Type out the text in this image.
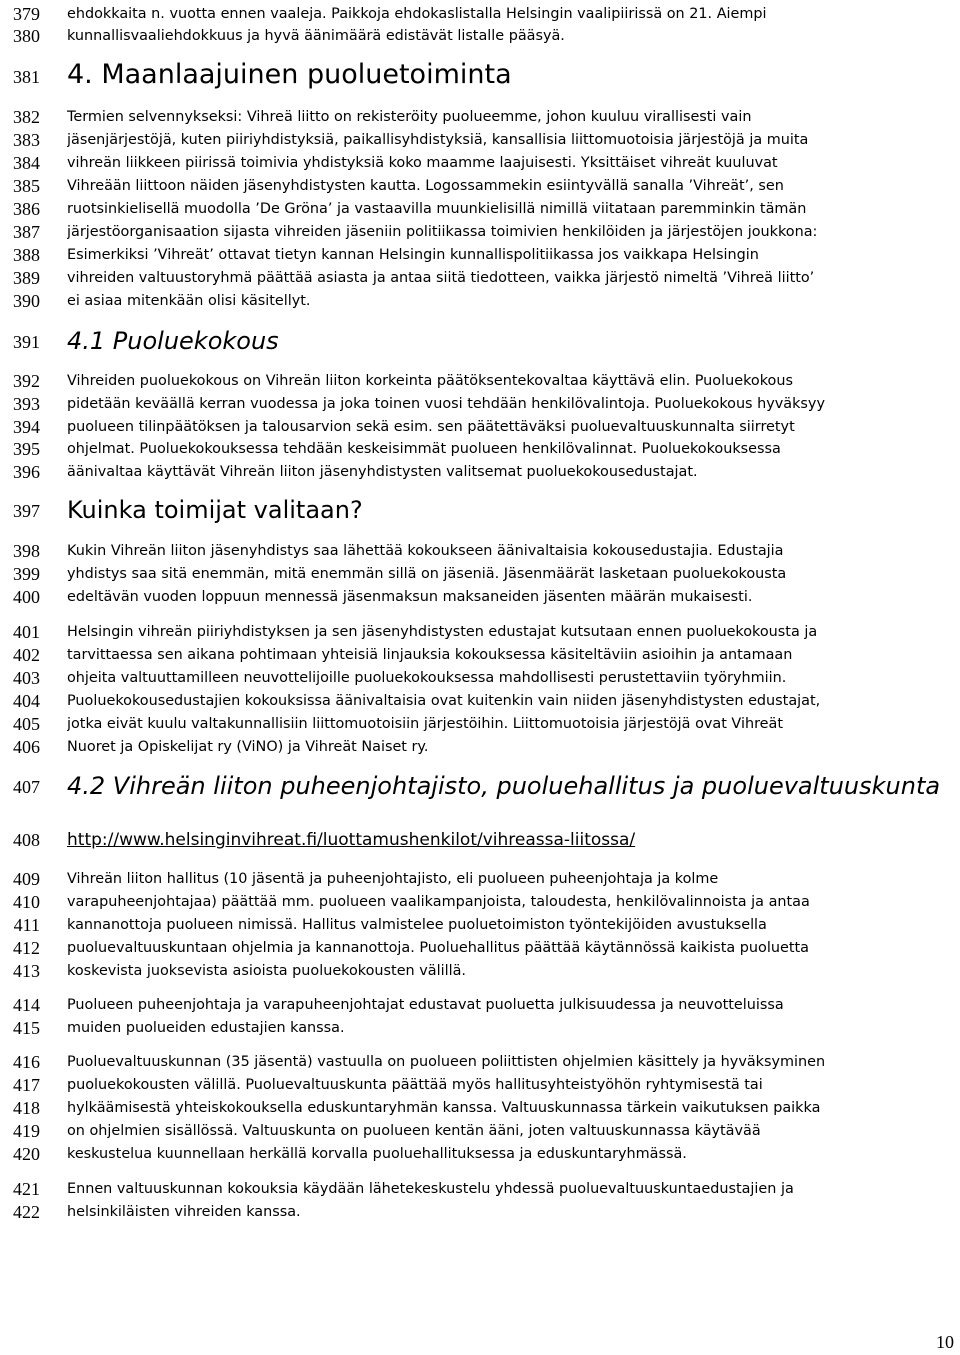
379 ehdokkaita n. vuotta ennen vaaleja. Paikkoja ehdokaslistalla Helsingin vaalipiirissä on 21. Aiempi
380 kunnallisvaaliehdokkuus ja hyvä äänimäärä edistävät listalle pääsyä.
381 4. Maanlaajuinen puoluetoiminta
382 Termien selvennykseksi: Vihreä liitto on rekisteröity puolueemme, johon kuuluu virallisesti vain
383 jäsenjärjestöjä, kuten piiriyhdistyksiä, paikallisyhdistyksiä, kansallisia liittomuotoisia järjestöjä ja muita
384 vihreän liikkeen piirissä toimivia yhdistyksiä koko maamme laajuisesti. Yksittäiset vihreät kuuluvat
385 Vihreään liittoon näiden jäsenyhdistysten kautta. Logossammekin esiintyvällä sanalla ’Vihreät’, sen
386 ruotsinkielisellä muodolla ’De Gröna’ ja vastaavilla muunkielisillä nimillä viitataan paremminkin tämän
387 järjestöorganisaation sijasta vihreiden jäseniin politiikassa toimivien henkilöiden ja järjestöjen joukkona:
388 Esimerkiksi ’Vihreät’ ottavat tietyn kannan Helsingin kunnallispolitiikassa jos vaikkapa Helsingin
389 vihreiden valtuustoryhmä päättää asiasta ja antaa siitä tiedotteen, vaikka järjestö nimeltä ’Vihreä liitto’
390 ei asiaa mitenkään olisi käsitellyt.
391 4.1 Puoluekokous
392 Vihreiden puoluekokous on Vihreän liiton korkeinta päätöksentekovaltaa käyttävä elin. Puoluekokous
393 pidetään keväällä kerran vuodessa ja joka toinen vuosi tehdään henkilövalintoja. Puoluekokous hyväksyy
394 puolueen tilinpäätöksen ja talousarvion sekä esim. sen päätettäväksi puoluevaltuuskunnalta siirretyt
395 ohjelmat. Puoluekokouksessa tehdään keskeisimmät puolueen henkilövalinnat. Puoluekokouksessa
396 äänivaltaa käyttävät Vihreän liiton jäsenyhdistysten valitsemat puoluekokousedustajat.
397 Kuinka toimijat valitaan?
398 Kukin Vihreän liiton jäsenyhdistys saa lähettää kokoukseen äänivaltaisia kokousedustajia. Edustajia
399 yhdistys saa sitä enemmän, mitä enemmän sillä on jäseniä. Jäsenmäärät lasketaan puoluekokousta
400 edeltävän vuoden loppuun mennessä jäsenmaksun maksaneiden jäsenten määrän mukaisesti.
401 Helsingin vihreän piiriyhdistyksen ja sen jäsenyhdistysten edustajat kutsutaan ennen puoluekokousta ja
402 tarvittaessa sen aikana pohtimaan yhteisiä linjauksia kokouksessa käsiteltäviin asioihin ja antamaan
403 ohjeita valtuuttamilleen neuvottelijoille puoluekokouksessa mahdollisesti perustettaviin työryhmiin.
404 Puoluekokousedustajien kokouksissa äänivaltaisia ovat kuitenkin vain niiden jäsenyhdistysten edustajat,
405 jotka eivät kuulu valtakunnallisiin liittomuotoisiin järjestöihin. Liittomuotoisia järjestöjä ovat Vihreät
406 Nuoret ja Opiskelijat ry (ViNO) ja Vihreät Naiset ry.
407 4.2 Vihreän liiton puheenjohtajisto, puoluehallitus ja puoluevaltuuskunta
408 http://www.helsinginvihreat.fi/luottamushenkilot/vihreassa-liitossa/
409 Vihreän liiton hallitus (10 jäsentä ja puheenjohtajisto, eli puolueen puheenjohtaja ja kolme
410 varapuheenjohtajaa) päättää mm. puolueen vaalikampanjoista, taloudesta, henkilövalinnoista ja antaa
411 kannanottoja puolueen nimissä. Hallitus valmistelee puoluetoimiston työntekijöiden avustuksella
412 puoluevaltuuskuntaan ohjelmia ja kannanottoja. Puoluehallitus päättää käytännössä kaikista puoluetta
413 koskevista juoksevista asioista puoluekokousten välillä.
414 Puolueen puheenjohtaja ja varapuheenjohtajat edustavat puoluetta julkisuudessa ja neuvotteluissa
415 muiden puolueiden edustajien kanssa.
416 Puoluevaltuuskunnan (35 jäsentä) vastuulla on puolueen poliittisten ohjelmien käsittely ja hyväksyminen
417 puoluekokousten välillä. Puoluevaltuuskunta päättää myös hallitusyhteistyöhön ryhtymisestä tai
418 hylkäämisestä yhteiskokouksella eduskuntaryhmän kanssa. Valtuuskunnassa tärkein vaikutuksen paikka
419 on ohjelmien sisällössä. Valtuuskunta on puolueen kentän ääni, joten valtuuskunnassa käytävää
420 keskustelua kuunnellaan herkällä korvalla puoluehallituksessa ja eduskuntaryhmässä.
421 Ennen valtuuskunnan kokouksia käydään lähetekeskustelu yhdessä puoluevaltuuskuntaedustajien ja
422 helsinkiläisten vihreiden kanssa.
10
